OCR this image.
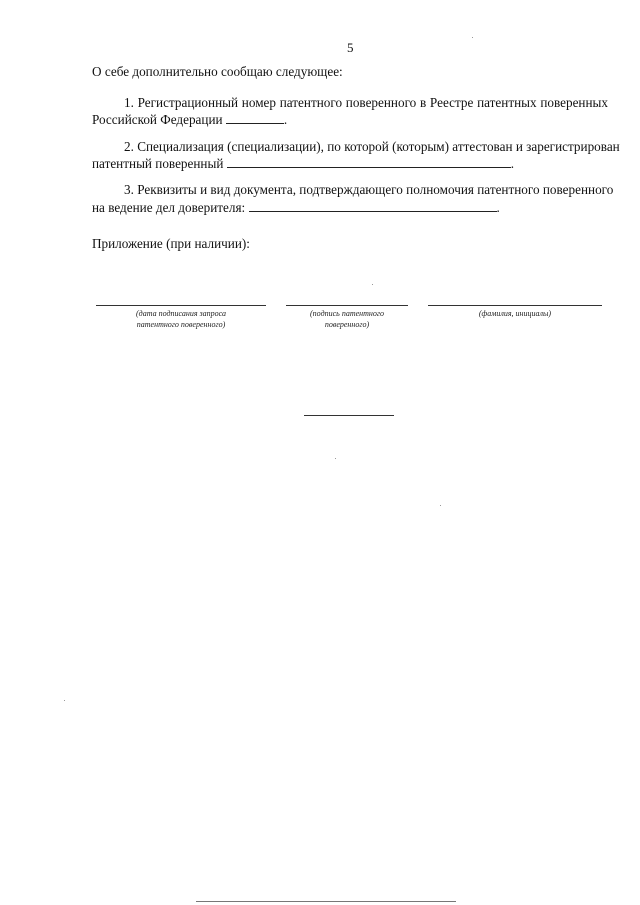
5
О себе дополнительно сообщаю следующее:
1. Регистрационный номер патентного поверенного в Реестре патентных поверенных
Российской Федерации	.
2. Специализация (специализации), по которой (которым) аттестован и зарегистрирован
патентный поверенный	.
3. Реквизиты и вид документа, подтверждающего полномочия патентного поверенного
на ведение дел доверителя:	.
Приложение (при наличии):
(дата подписания запроса
патентного поверенного)
(подпись патентного
поверенного)
(фамилия, инициалы)
